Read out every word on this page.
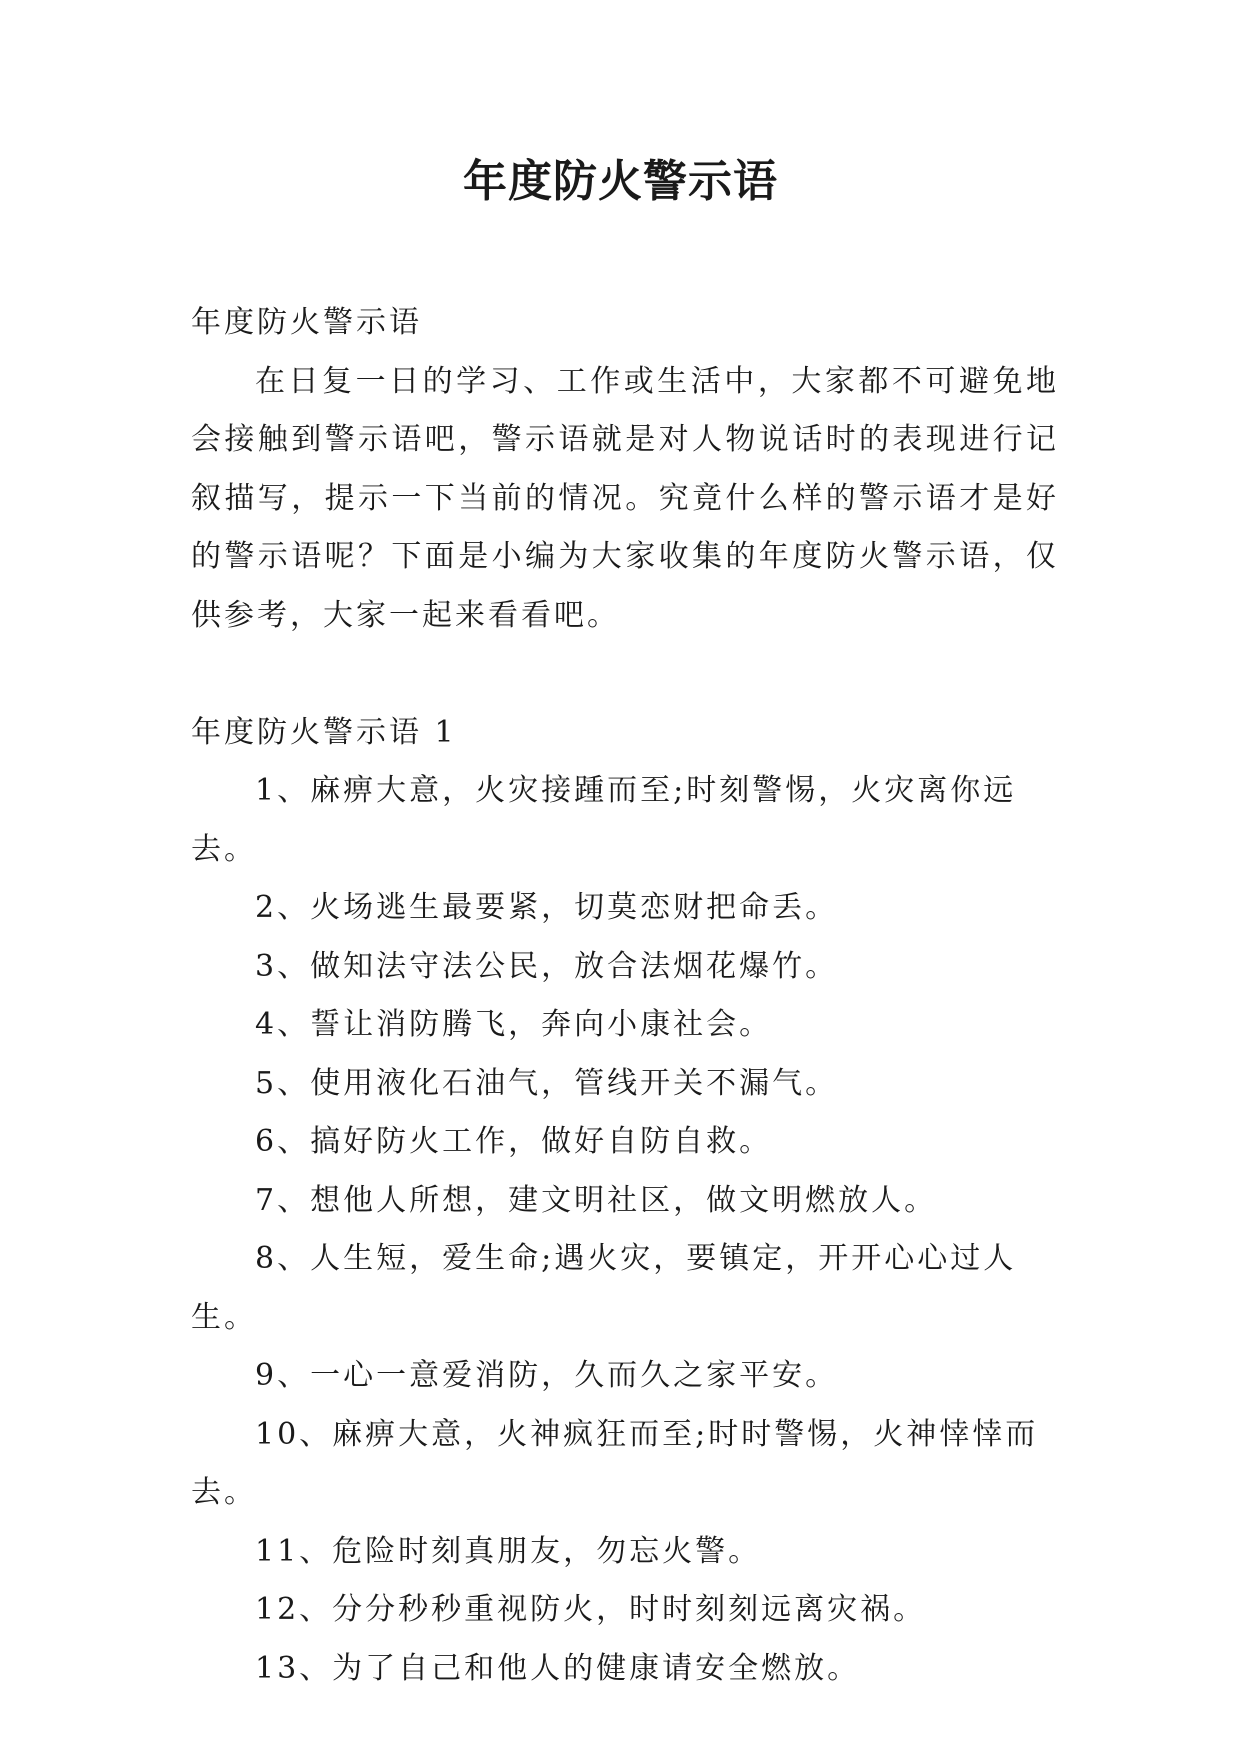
年度防火警示语

年度防火警示语

在日复一日的学习、工作或生活中，大家都不可避免地会接触到警示语吧，警示语就是对人物说话时的表现进行记叙描写，提示一下当前的情况。究竟什么样的警示语才是好的警示语呢？下面是小编为大家收集的年度防火警示语，仅供参考，大家一起来看看吧。

年度防火警示语 1

1、麻痹大意，火灾接踵而至;时刻警惕，火灾离你远去。

2、火场逃生最要紧，切莫恋财把命丢。

3、做知法守法公民，放合法烟花爆竹。

4、誓让消防腾飞，奔向小康社会。

5、使用液化石油气，管线开关不漏气。

6、搞好防火工作，做好自防自救。

7、想他人所想，建文明社区，做文明燃放人。

8、人生短，爱生命;遇火灾，要镇定，开开心心过人生。

9、一心一意爱消防，久而久之家平安。

10、麻痹大意，火神疯狂而至;时时警惕，火神悻悻而去。

11、危险时刻真朋友，勿忘火警。

12、分分秒秒重视防火，时时刻刻远离灾祸。

13、为了自己和他人的健康请安全燃放。
